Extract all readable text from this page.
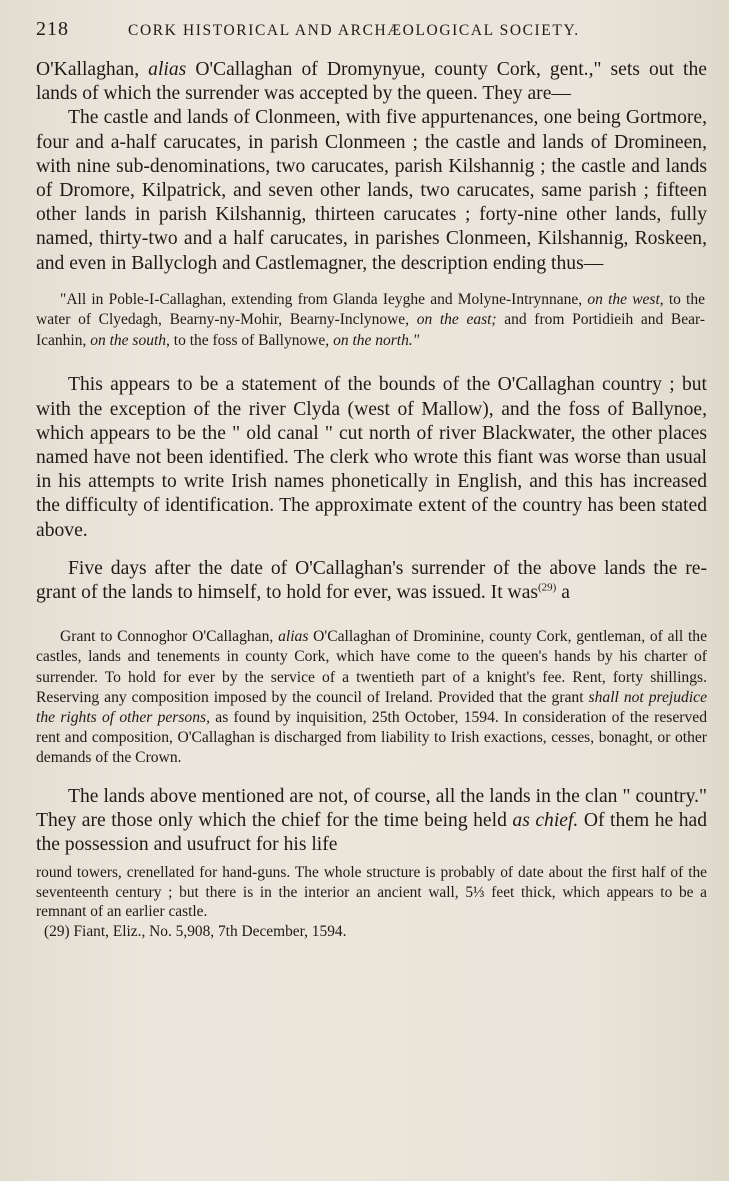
218	CORK HISTORICAL AND ARCHÆOLOGICAL SOCIETY.

O'Kallaghan, alias O'Callaghan of Dromynyue, county Cork, gent.," sets out the lands of which the surrender was accepted by the queen. They are—

The castle and lands of Clonmeen, with five appurtenances, one being Gortmore, four and a-half carucates, in parish Clonmeen ; the castle and lands of Dromineen, with nine sub-denominations, two carucates, parish Kilshannig ; the castle and lands of Dromore, Kilpatrick, and seven other lands, two carucates, same parish ; fifteen other lands in parish Kilshannig, thirteen carucates ; forty-nine other lands, fully named, thirty-two and a half carucates, in parishes Clonmeen, Kilshannig, Roskeen, and even in Ballyclogh and Castlemagner, the description ending thus—

"All in Poble-I-Callaghan, extending from Glanda Ieyghe and Molyne-Intrynnane, on the west, to the water of Clyedagh, Bearny-ny-Mohir, Bearny-Inclynowe, on the east; and from Portidieih and Bear-Icanhin, on the south, to the foss of Ballynowe, on the north."

This appears to be a statement of the bounds of the O'Callaghan country ; but with the exception of the river Clyda (west of Mallow), and the foss of Ballynoe, which appears to be the " old canal " cut north of river Blackwater, the other places named have not been identified. The clerk who wrote this fiant was worse than usual in his attempts to write Irish names phonetically in English, and this has increased the difficulty of identification. The approximate extent of the country has been stated above.

Five days after the date of O'Callaghan's surrender of the above lands the re-grant of the lands to himself, to hold for ever, was issued. It was$^{(29)}$ a

Grant to Connoghor O'Callaghan, alias O'Callaghan of Drominine, county Cork, gentleman, of all the castles, lands and tenements in county Cork, which have come to the queen's hands by his charter of surrender. To hold for ever by the service of a twentieth part of a knight's fee. Rent, forty shillings. Reserving any composition imposed by the council of Ireland. Provided that the grant shall not prejudice the rights of other persons, as found by inquisition, 25th October, 1594. In consideration of the reserved rent and composition, O'Callaghan is discharged from liability to Irish exactions, cesses, bonaght, or other demands of the Crown.

The lands above mentioned are not, of course, all the lands in the clan " country." They are those only which the chief for the time being held as chief. Of them he had the possession and usufruct for his life

round towers, crenellated for hand-guns. The whole structure is probably of date about the first half of the seventeenth century ; but there is in the interior an ancient wall, 5⅓ feet thick, which appears to be a remnant of an earlier castle.

(29) Fiant, Eliz., No. 5,908, 7th December, 1594.
